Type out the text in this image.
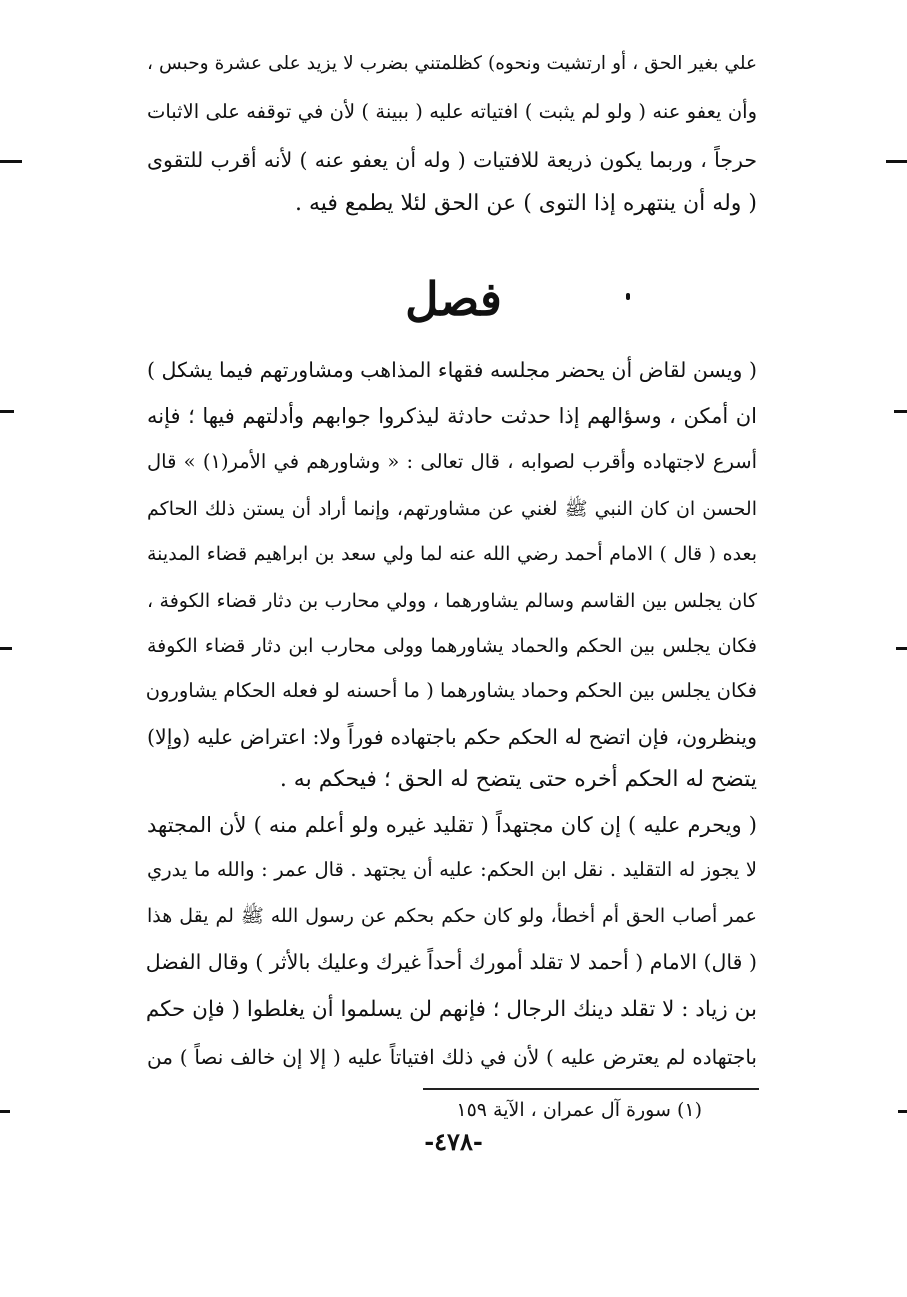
علي بغير الحق ، أو ارتشيت ونحوه) كظلمتني بضرب لا يزيد على عشرة وحبس ،
وأن يعفو عنه ( ولو لم يثبت ) افتياته عليه ( ببينة ) لأن في توقفه على الاثبات
حرجاً ، وربما يكون ذريعة للافتيات ( وله أن يعفو عنه ) لأنه أقرب للتقوى
( وله أن ينتهره إذا التوى ) عن الحق لئلا يطمع فيه .
فصل
( ويسن لقاض أن يحضر مجلسه فقهاء المذاهب ومشاورتهم فيما يشكل )
ان أمكن ، وسؤالهم إذا حدثت حادثة ليذكروا جوابهم وأدلتهم فيها ؛ فإنه
أسرع لاجتهاده وأقرب لصوابه ، قال تعالى : « وشاورهم في الأمر(١) » قال
الحسن ان كان النبي ﷺ لغني عن مشاورتهم، وإنما أراد أن يستن ذلك الحاكم
بعده ( قال ) الامام أحمد رضي الله عنه لما ولي سعد بن ابراهيم قضاء المدينة
كان يجلس بين القاسم وسالم يشاورهما ، وولي محارب بن دثار قضاء الكوفة ،
فكان يجلس بين الحكم والحماد يشاورهما وولى محارب ابن دثار قضاء الكوفة
فكان يجلس بين الحكم وحماد يشاورهما ( ما أحسنه لو فعله الحكام يشاورون
وينظرون، فإن اتضح له الحكم حكم باجتهاده فوراً ولا: اعتراض عليه (وإلا)
يتضح له الحكم أخره حتى يتضح له الحق ؛ فيحكم به .
( ويحرم عليه ) إن كان مجتهداً ( تقليد غيره ولو أعلم منه ) لأن المجتهد
لا يجوز له التقليد . نقل ابن الحكم: عليه أن يجتهد . قال عمر : والله ما يدري
عمر أصاب الحق أم أخطأ، ولو كان حكم بحكم عن رسول الله ﷺ لم يقل هذا
( قال) الامام ( أحمد لا تقلد أمورك أحداً غيرك وعليك بالأثر ) وقال الفضل
بن زياد : لا تقلد دينك الرجال ؛ فإنهم لن يسلموا أن يغلطوا ( فإن حكم
باجتهاده لم يعترض عليه ) لأن في ذلك افتياتاً عليه ( إلا إن خالف نصاً ) من
(١) سورة آل عمران ، الآية ١٥٩
-٤٧٨-
